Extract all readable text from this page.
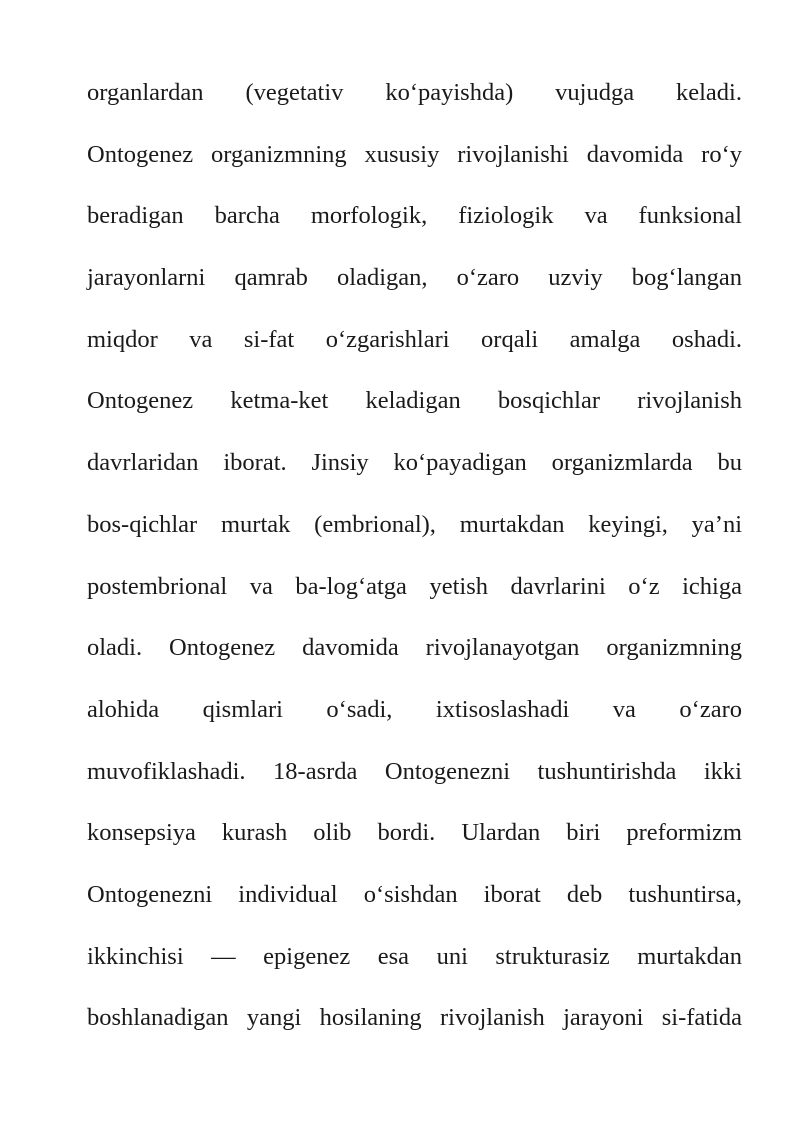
organlardan (vegetativ ko‘payishda) vujudga keladi.
Ontogenez organizmning xususiy rivojlanishi davomida ro‘y
beradigan barcha morfologik, fiziologik va funksional
jarayonlarni qamrab oladigan, o‘zaro uzviy bog‘langan
miqdor va si-fat o‘zgarishlari orqali amalga oshadi.
Ontogenez ketma-ket keladigan bosqichlar rivojlanish
davrlaridan iborat. Jinsiy ko‘payadigan organizmlarda bu
bos-qichlar murtak (embrional), murtakdan keyingi, ya’ni
postembrional va ba-log‘atga yetish davrlarini o‘z ichiga
oladi. Ontogenez davomida rivojlanayotgan organizmning
alohida qismlari o‘sadi, ixtisoslashadi va o‘zaro
muvofiklashadi. 18-asrda Ontogenezni tushuntirishda ikki
konsepsiya kurash olib bordi. Ulardan biri preformizm
Ontogenezni individual o‘sishdan iborat deb tushuntirsa,
ikkinchisi — epigenez esa uni strukturasiz murtakdan
boshlanadigan yangi hosilaning rivojlanish jarayoni si-fatida
